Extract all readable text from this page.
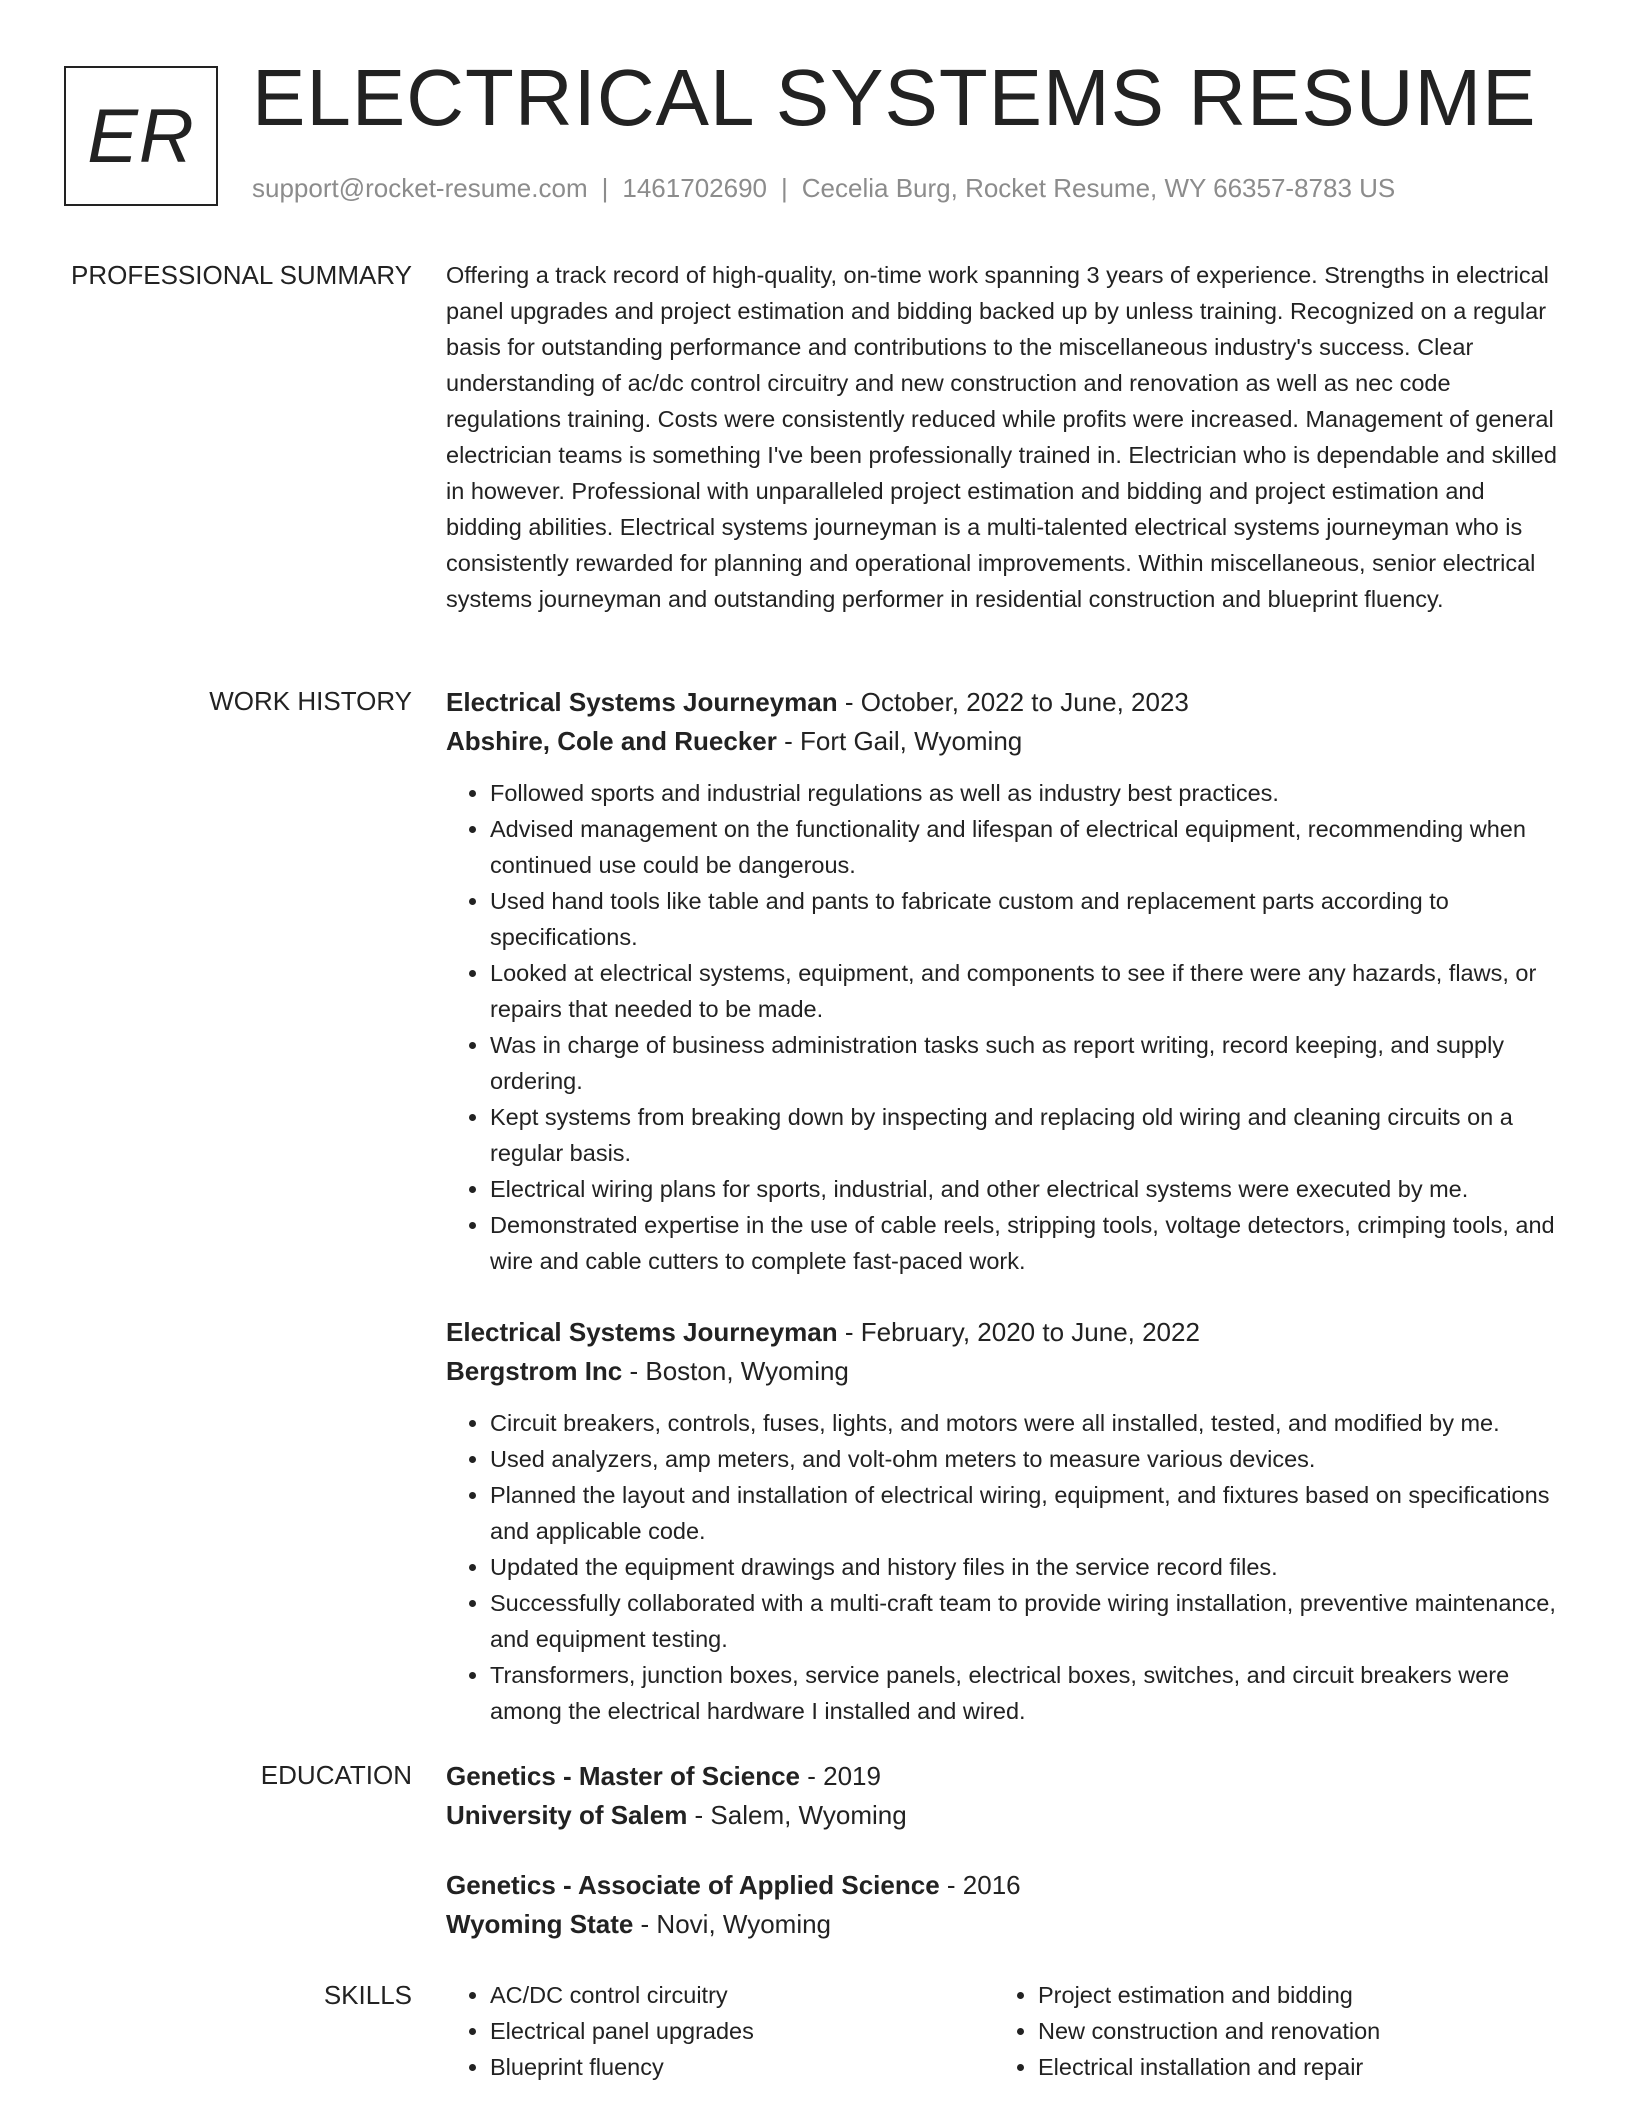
ER ELECTRICAL SYSTEMS RESUME
support@rocket-resume.com | 1461702690 | Cecelia Burg, Rocket Resume, WY 66357-8783 US
PROFESSIONAL SUMMARY Offering a track record of high-quality, on-time work spanning 3 years of experience. Strengths in electrical panel upgrades and project estimation and bidding backed up by unless training. Recognized on a regular basis for outstanding performance and contributions to the miscellaneous industry's success. Clear understanding of ac/dc control circuitry and new construction and renovation as well as nec code regulations training. Costs were consistently reduced while profits were increased. Management of general electrician teams is something I've been professionally trained in. Electrician who is dependable and skilled in however. Professional with unparalleled project estimation and bidding and project estimation and bidding abilities. Electrical systems journeyman is a multi-talented electrical systems journeyman who is consistently rewarded for planning and operational improvements. Within miscellaneous, senior electrical systems journeyman and outstanding performer in residential construction and blueprint fluency.

WORK HISTORY Electrical Systems Journeyman - October, 2022 to June, 2023
Abshire, Cole and Ruecker - Fort Gail, Wyoming
• Followed sports and industrial regulations as well as industry best practices.
• Advised management on the functionality and lifespan of electrical equipment, recommending when continued use could be dangerous.
• Used hand tools like table and pants to fabricate custom and replacement parts according to specifications.
• Looked at electrical systems, equipment, and components to see if there were any hazards, flaws, or repairs that needed to be made.
• Was in charge of business administration tasks such as report writing, record keeping, and supply ordering.
• Kept systems from breaking down by inspecting and replacing old wiring and cleaning circuits on a regular basis.
• Electrical wiring plans for sports, industrial, and other electrical systems were executed by me.
• Demonstrated expertise in the use of cable reels, stripping tools, voltage detectors, crimping tools, and wire and cable cutters to complete fast-paced work.
Electrical Systems Journeyman - February, 2020 to June, 2022
Bergstrom Inc - Boston, Wyoming
• Circuit breakers, controls, fuses, lights, and motors were all installed, tested, and modified by me.
• Used analyzers, amp meters, and volt-ohm meters to measure various devices.
• Planned the layout and installation of electrical wiring, equipment, and fixtures based on specifications and applicable code.
• Updated the equipment drawings and history files in the service record files.
• Successfully collaborated with a multi-craft team to provide wiring installation, preventive maintenance, and equipment testing.
• Transformers, junction boxes, service panels, electrical boxes, switches, and circuit breakers were among the electrical hardware I installed and wired.
EDUCATION Genetics - Master of Science - 2019
University of Salem - Salem, Wyoming
Genetics - Associate of Applied Science - 2016
Wyoming State - Novi, Wyoming
SKILLS
•	AC/DC control circuitry
• Electrical panel upgrades
• Blueprint fluency
• Project estimation and bidding
• New construction and renovation
• Electrical installation and repair
